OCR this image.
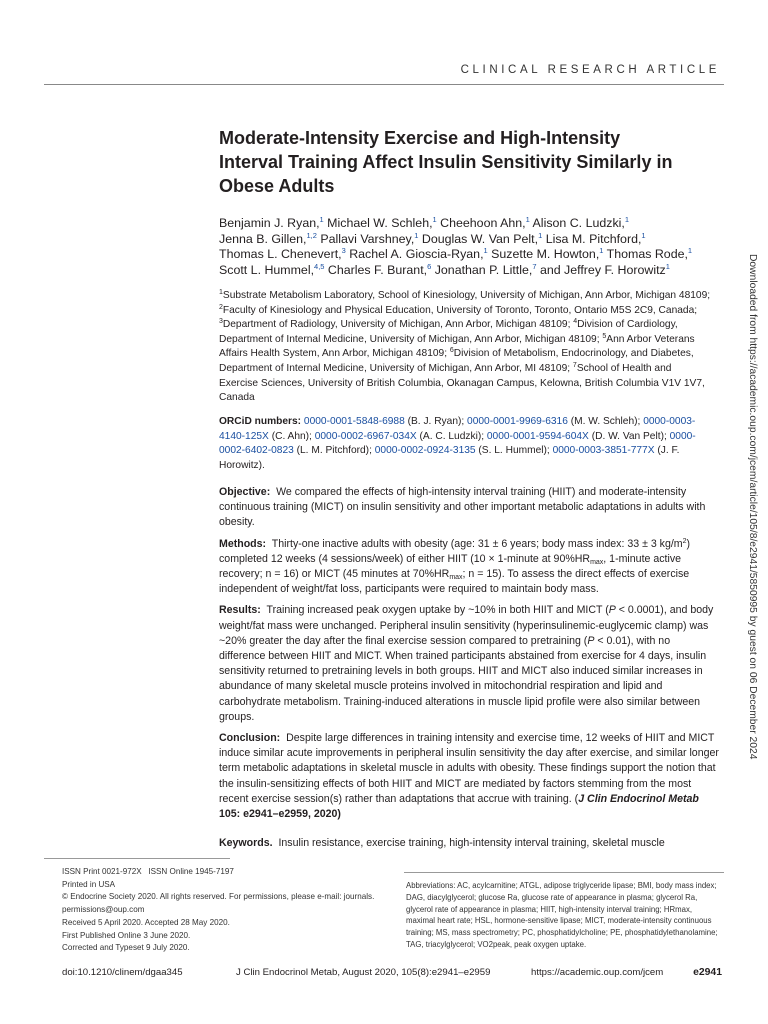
CLINICAL RESEARCH ARTICLE
Moderate-Intensity Exercise and High-Intensity Interval Training Affect Insulin Sensitivity Similarly in Obese Adults
Benjamin J. Ryan,$^1$ Michael W. Schleh,$^1$ Cheehoon Ahn,$^1$ Alison C. Ludzki,$^1$
Jenna B. Gillen,$^{1,2}$ Pallavi Varshney,$^1$ Douglas W. Van Pelt,$^1$ Lisa M. Pitchford,$^1$
Thomas L. Chenevert,$^3$ Rachel A. Gioscia-Ryan,$^1$ Suzette M. Howton,$^1$ Thomas Rode,$^1$
Scott L. Hummel,$^{4,5}$ Charles F. Burant,$^6$ Jonathan P. Little,$^7$ and Jeffrey F. Horowitz$^1$
$^1$Substrate Metabolism Laboratory, School of Kinesiology, University of Michigan, Ann Arbor, Michigan 48109; $^2$Faculty of Kinesiology and Physical Education, University of Toronto, Toronto, Ontario M5S 2C9, Canada; $^3$Department of Radiology, University of Michigan, Ann Arbor, Michigan 48109; $^4$Division of Cardiology, Department of Internal Medicine, University of Michigan, Ann Arbor, Michigan 48109; $^5$Ann Arbor Veterans Affairs Health System, Ann Arbor, Michigan 48109; $^6$Division of Metabolism, Endocrinology, and Diabetes, Department of Internal Medicine, University of Michigan, Ann Arbor, MI 48109; $^7$School of Health and Exercise Sciences, University of British Columbia, Okanagan Campus, Kelowna, British Columbia V1V 1V7, Canada
ORCiD numbers: 0000-0001-5848-6988 (B. J. Ryan); 0000-0001-9969-6316 (M. W. Schleh); 0000-0003-4140-125X (C. Ahn); 0000-0002-6967-034X (A. C. Ludzki); 0000-0001-9594-604X (D. W. Van Pelt); 0000-0002-6402-0823 (L. M. Pitchford); 0000-0002-0924-3135 (S. L. Hummel); 0000-0003-3851-777X (J. F. Horowitz).

Objective: We compared the effects of high-intensity interval training (HIIT) and moderate-intensity continuous training (MICT) on insulin sensitivity and other important metabolic adaptations in adults with obesity.

Methods: Thirty-one inactive adults with obesity (age: 31 ± 6 years; body mass index: 33 ± 3 $kg/m^2$) completed 12 weeks (4 sessions/week) of either HIIT (10 × 1-minute at $90\%HR_{max}$, 1-minute active recovery; n = 16) or MICT (45 minutes at $70\%HR_{max}$; n = 15). To assess the direct effects of exercise independent of weight/fat loss, participants were required to maintain body mass.

Results: Training increased peak oxygen uptake by ~10% in both HIIT and MICT (P < 0.0001), and body weight/fat mass were unchanged. Peripheral insulin sensitivity (hyperinsulinemic-euglycemic clamp) was ~20% greater the day after the final exercise session compared to pretraining (P < 0.01), with no difference between HIIT and MICT. When trained participants abstained from exercise for 4 days, insulin sensitivity returned to pretraining levels in both groups. HIIT and MICT also induced similar increases in abundance of many skeletal muscle proteins involved in mitochondrial respiration and lipid and carbohydrate metabolism. Training-induced alterations in muscle lipid profile were also similar between groups.

Conclusion: Despite large differences in training intensity and exercise time, 12 weeks of HIIT and MICT induce similar acute improvements in peripheral insulin sensitivity the day after exercise, and similar longer term metabolic adaptations in skeletal muscle in adults with obesity. These findings support the notion that the insulin-sensitizing effects of both HIIT and MICT are mediated by factors stemming from the most recent exercise session(s) rather than adaptations that accrue with training. (J Clin Endocrinol Metab 105: e2941–e2959, 2020)

Keywords. Insulin resistance, exercise training, high-intensity interval training, skeletal muscle
ISSN Print 0021-972X   ISSN Online 1945-7197
Printed in USA
© Endocrine Society 2020. All rights reserved. For permissions, please e-mail: journals.
permissions@oup.com
Received 5 April 2020. Accepted 28 May 2020.
First Published Online 3 June 2020.
Corrected and Typeset 9 July 2020.
Abbreviations: AC, acylcarnitine; ATGL, adipose triglyceride lipase; BMI, body mass index; DAG, diacylglycerol; glucose Ra, glucose rate of appearance in plasma; glycerol Ra, glycerol rate of appearance in plasma; HIIT, high-intensity interval training; HRmax, maximal heart rate; HSL, hormone-sensitive lipase; MICT, moderate-intensity continuous training; MS, mass spectrometry; PC, phosphatidylcholine; PE, phosphatidylethanolamine; TAG, triacylglycerol; VO2peak, peak oxygen uptake.
doi:10.1210/clinem/dgaa345	J Clin Endocrinol Metab, August 2020, 105(8):e2941–e2959	https://academic.oup.com/jcem	e2941
Downloaded from https://academic.oup.com/jcem/article/105/8/e2941/5850995 by guest on 06 December 2024
